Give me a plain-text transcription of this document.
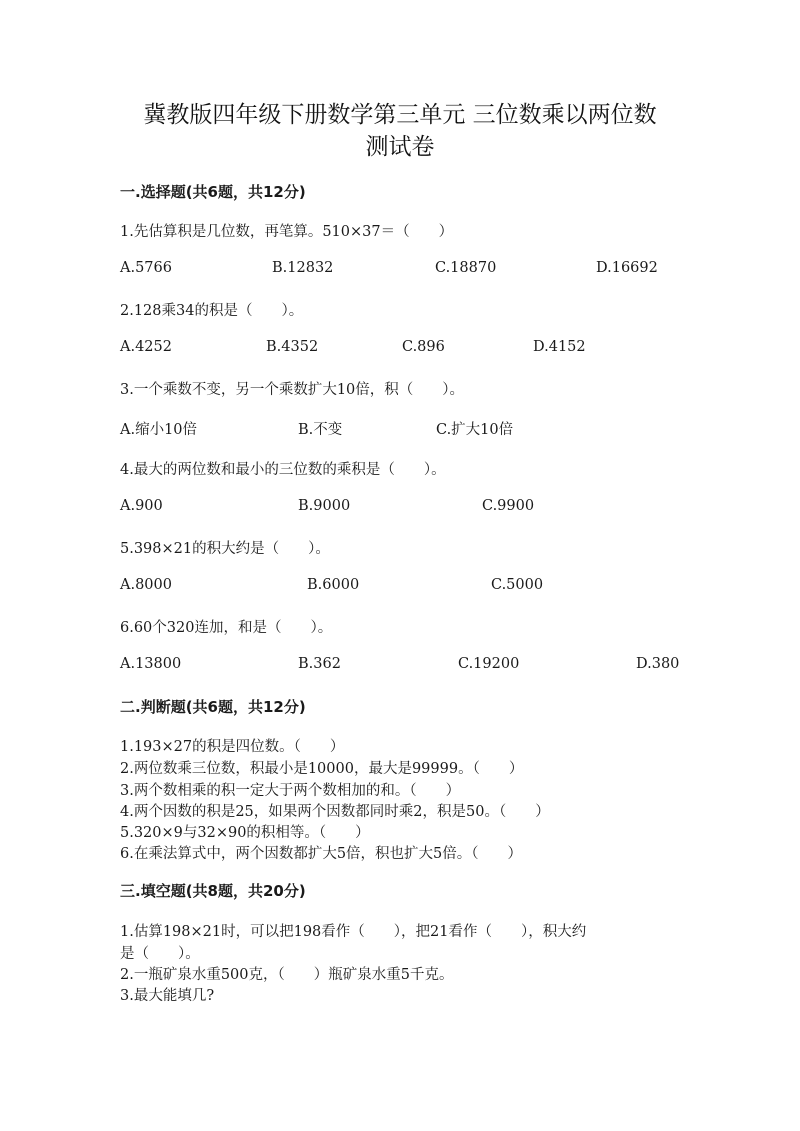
冀教版四年级下册数学第三单元 三位数乘以两位数
测试卷
一.选择题(共6题，共12分)
1.先估算积是几位数，再笔算。510×37＝（　　）
A.5766	B.12832	C.18870	D.16692
2.128乘34的积是（　　）。
A.4252	B.4352	C.896	D.4152
3.一个乘数不变，另一个乘数扩大10倍，积（　　）。
A.缩小10倍	B.不变	C.扩大10倍
4.最大的两位数和最小的三位数的乘积是（　　）。
A.900	B.9000	C.9900
5.398×21的积大约是（　　）。
A.8000	B.6000	C.5000
6.60个320连加，和是（　　）。
A.13800	B.362	C.19200	D.380
二.判断题(共6题，共12分)
1.193×27的积是四位数。（　　）
2.两位数乘三位数，积最小是10000，最大是99999。（　　）
3.两个数相乘的积一定大于两个数相加的和。（　　）
4.两个因数的积是25，如果两个因数都同时乘2，积是50。（　　）
5.320×9与32×90的积相等。（　　）
6.在乘法算式中，两个因数都扩大5倍，积也扩大5倍。（　　）
三.填空题(共8题，共20分)
1.估算198×21时，可以把198看作（　　），把21看作（　　），积大约
是（　　）。
2.一瓶矿泉水重500克，（　　）瓶矿泉水重5千克。
3.最大能填几?
